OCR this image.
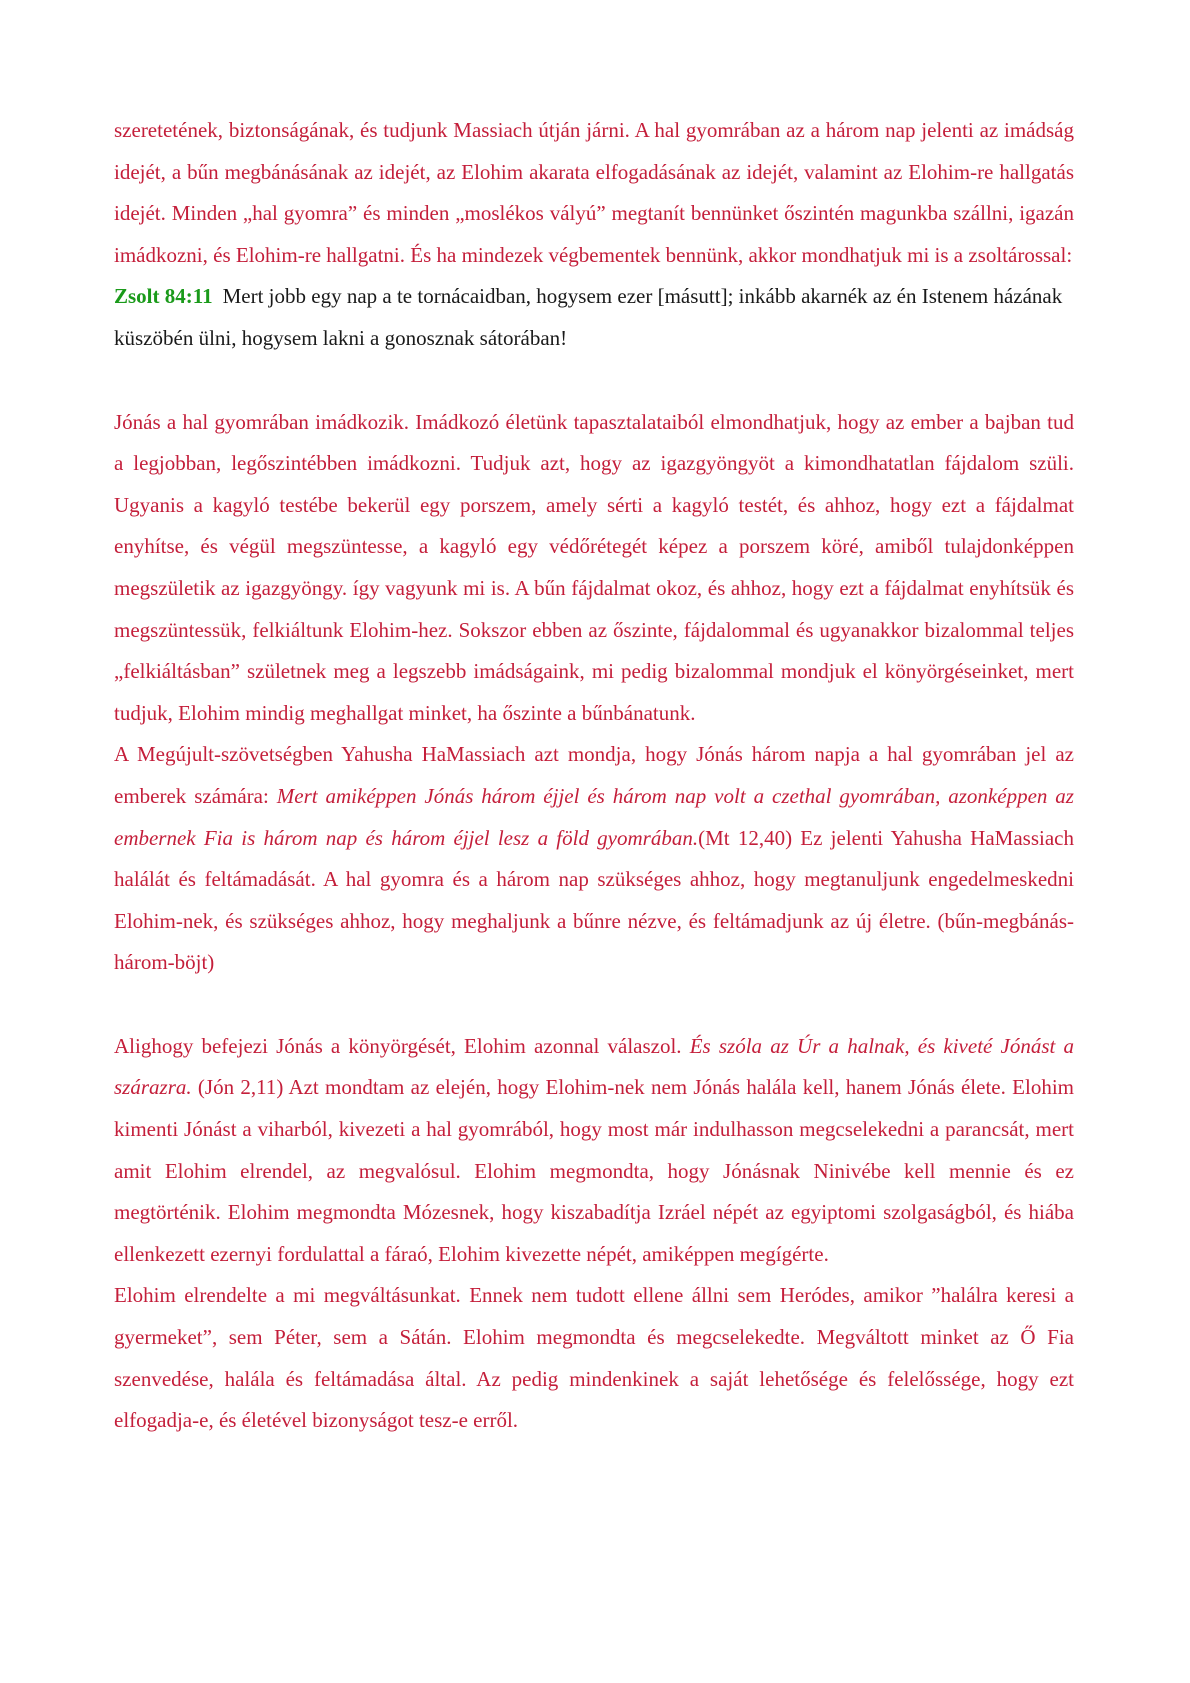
szeretetének, biztonságának, és tudjunk Massiach útján járni. A hal gyomrában az a három nap jelenti az imádság idejét, a bűn megbánásának az idejét, az Elohim akarata elfogadásának az idejét, valamint az Elohim-re hallgatás idejét. Minden „hal gyomra” és minden „moslékos vályú” megtanít bennünket őszintén magunkba szállni, igazán imádkozni, és Elohim-re hallgatni. És ha mindezek végbementek bennünk, akkor mondhatjuk mi is a zsoltárossal:

Zsolt 84:11 Mert jobb egy nap a te tornácaidban, hogysem ezer [másutt]; inkább akarnék az én Istenem házának küszöbén ülni, hogysem lakni a gonosznak sátorában!

Jónás a hal gyomrában imádkozik. Imádkozó életünk tapasztalataiból elmondhatjuk, hogy az ember a bajban tud a legjobban, legőszintébben imádkozni. Tudjuk azt, hogy az igazgyöngyöt a kimondhatatlan fájdalom szüli. Ugyanis a kagyló testébe bekerül egy porszem, amely sérti a kagyló testét, és ahhoz, hogy ezt a fájdalmat enyhítse, és végül megszüntesse, a kagyló egy védőrétegét képez a porszem köré, amiből tulajdonképpen megszületik az igazgyöngy. így vagyunk mi is. A bűn fájdalmat okoz, és ahhoz, hogy ezt a fájdalmat enyhítsük és megszüntessük, felkiáltunk Elohim-hez. Sokszor ebben az őszinte, fájdalommal és ugyanakkor bizalommal teljes „felkiáltásban” születnek meg a legszebb imádságaink, mi pedig bizalommal mondjuk el könyörgéseinket, mert tudjuk, Elohim mindig meghallgat minket, ha őszinte a bűnbánatunk.

A Megújult-szövetségben Yahusha HaMassiach azt mondja, hogy Jónás három napja a hal gyomrában jel az emberek számára: Mert amiképpen Jónás három éjjel és három nap volt a czethal gyomrában, azonképpen az embernek Fia is három nap és három éjjel lesz a föld gyomrában.(Mt 12,40) Ez jelenti Yahusha HaMassiach halálát és feltámadását. A hal gyomra és a három nap szükséges ahhoz, hogy megtanuljunk engedelmeskedni Elohim-nek, és szükséges ahhoz, hogy meghaljunk a bűnre nézve, és feltámadjunk az új életre. (bűn-megbánás-három-böjt)

Alighogy befejezi Jónás a könyörgését, Elohim azonnal válaszol. És szóla az Úr a halnak, és kiveté Jónást a szárazra. (Jón 2,11) Azt mondtam az elején, hogy Elohim-nek nem Jónás halála kell, hanem Jónás élete. Elohim kimenti Jónást a viharból, kivezeti a hal gyomrából, hogy most már indulhasson megcselekedni a parancsát, mert amit Elohim elrendel, az megvalósul. Elohim megmondta, hogy Jónásnak Ninivébe kell mennie és ez megtörténik. Elohim megmondta Mózesnek, hogy kiszabadítja Izráel népét az egyiptomi szolgaságból, és hiába ellenkezett ezernyi fordulattal a fáraó, Elohim kivezette népét, amiképpen megígérte.

Elohim elrendelte a mi megváltásunkat. Ennek nem tudott ellene állni sem Heródes, amikor ”halálra keresi a gyermeket”, sem Péter, sem a Sátán. Elohim megmondta és megcselekedte. Megváltott minket az Ő Fia szenvedése, halála és feltámadása által. Az pedig mindenkinek a saját lehetősége és felelőssége, hogy ezt elfogadja-e, és életével bizonyságot tesz-e erről.
